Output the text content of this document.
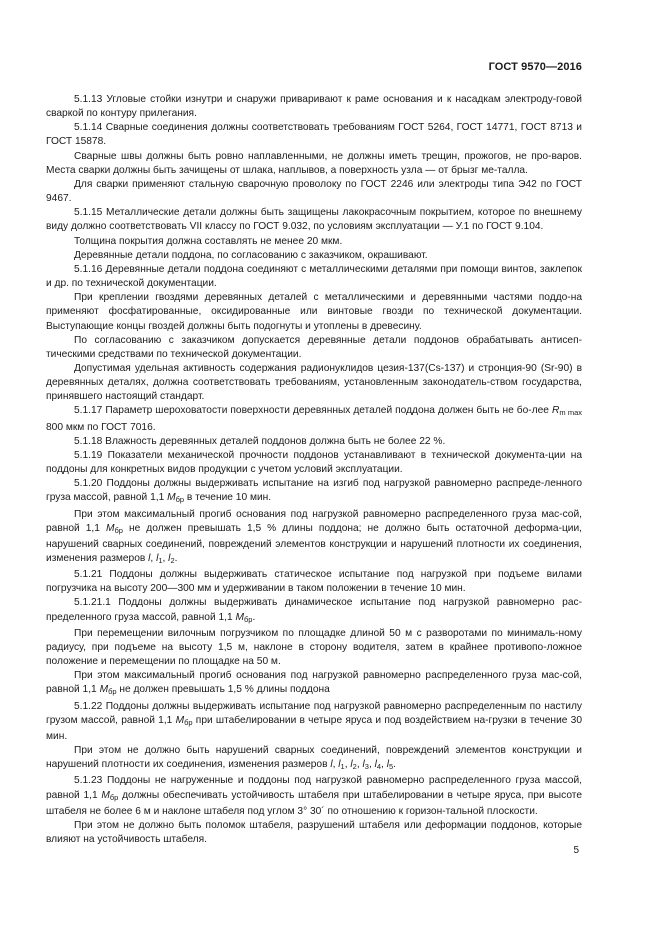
ГОСТ 9570—2016

5.1.13 Угловые стойки изнутри и снаружи приваривают к раме основания и к насадкам электроду-говой сваркой по контуру прилегания.

5.1.14 Сварные соединения должны соответствовать требованиям ГОСТ 5264, ГОСТ 14771, ГОСТ 8713 и ГОСТ 15878.

Сварные швы должны быть ровно наплавленными, не должны иметь трещин, прожогов, не про-варов. Места сварки должны быть зачищены от шлака, наплывов, а поверхность узла — от брызг ме-талла.

Для сварки применяют стальную сварочную проволоку по ГОСТ 2246 или электроды типа Э42 по ГОСТ 9467.

5.1.15 Металлические детали должны быть защищены лакокрасочным покрытием, которое по внешнему виду должно соответствовать VII классу по ГОСТ 9.032, по условиям эксплуатации — У.1 по ГОСТ 9.104.

Толщина покрытия должна составлять не менее 20 мкм.

Деревянные детали поддона, по согласованию с заказчиком, окрашивают.

5.1.16 Деревянные детали поддона соединяют с металлическими деталями при помощи винтов, заклепок и др. по технической документации.

При креплении гвоздями деревянных деталей с металлическими и деревянными частями поддо-на применяют фосфатированные, оксидированные или винтовые гвозди по технической документации. Выступающие концы гвоздей должны быть подогнуты и утоплены в древесину.

По согласованию с заказчиком допускается деревянные детали поддонов обрабатывать антисеп-тическими средствами по технической документации.

Допустимая удельная активность содержания радионуклидов цезия-137(Cs-137) и стронция-90 (Sr-90) в деревянных деталях, должна соответствовать требованиям, установленным законодатель-ством государства, принявшего настоящий стандарт.

5.1.17 Параметр шероховатости поверхности деревянных деталей поддона должен быть не бо-лее $R_{m max}$ 800 мкм по ГОСТ 7016.

5.1.18 Влажность деревянных деталей поддонов должна быть не более 22 %.

5.1.19 Показатели механической прочности поддонов устанавливают в технической документа-ции на поддоны для конкретных видов продукции с учетом условий эксплуатации.

5.1.20 Поддоны должны выдерживать испытание на изгиб под нагрузкой равномерно распреде-ленного груза массой, равной 1,1 $M_{бр}$ в течение 10 мин.

При этом максимальный прогиб основания под нагрузкой равномерно распределенного груза мас-сой, равной 1,1 $M_{бр}$ не должен превышать 1,5 % длины поддона; не должно быть остаточной деформа-ции, нарушений сварных соединений, повреждений элементов конструкции и нарушений плотности их соединения, изменения размеров l, $l_1$, $l_2$.

5.1.21 Поддоны должны выдерживать статическое испытание под нагрузкой при подъеме вилами погрузчика на высоту 200—300 мм и удерживании в таком положении в течение 10 мин.

5.1.21.1 Поддоны должны выдерживать динамическое испытание под нагрузкой равномерно рас-пределенного груза массой, равной 1,1 $M_{бр}$.

При перемещении вилочным погрузчиком по площадке длиной 50 м с разворотами по минималь-ному радиусу, при подъеме на высоту 1,5 м, наклоне в сторону водителя, затем в крайнее противопо-ложное положение и перемещении по площадке на 50 м.

При этом максимальный прогиб основания под нагрузкой равномерно распределенного груза мас-сой, равной 1,1 $M_{бр}$ не должен превышать 1,5 % длины поддона

5.1.22 Поддоны должны выдерживать испытание под нагрузкой равномерно распределенным по настилу грузом массой, равной 1,1 $M_{бр}$ при штабелировании в четыре яруса и под воздействием на-грузки в течение 30 мин.

При этом не должно быть нарушений сварных соединений, повреждений элементов конструкции и нарушений плотности их соединения, изменения размеров l, $l_1$, $l_2$, $l_3$, $l_4$, $l_5$.

5.1.23 Поддоны не нагруженные и поддоны под нагрузкой равномерно распределенного груза массой, равной 1,1 $M_{бр}$ должны обеспечивать устойчивость штабеля при штабелировании в четыре яруса, при высоте штабеля не более 6 м и наклоне штабеля под углом 3° 30´ по отношению к горизон-тальной плоскости.

При этом не должно быть поломок штабеля, разрушений штабеля или деформации поддонов, которые влияют на устойчивость штабеля.

5
